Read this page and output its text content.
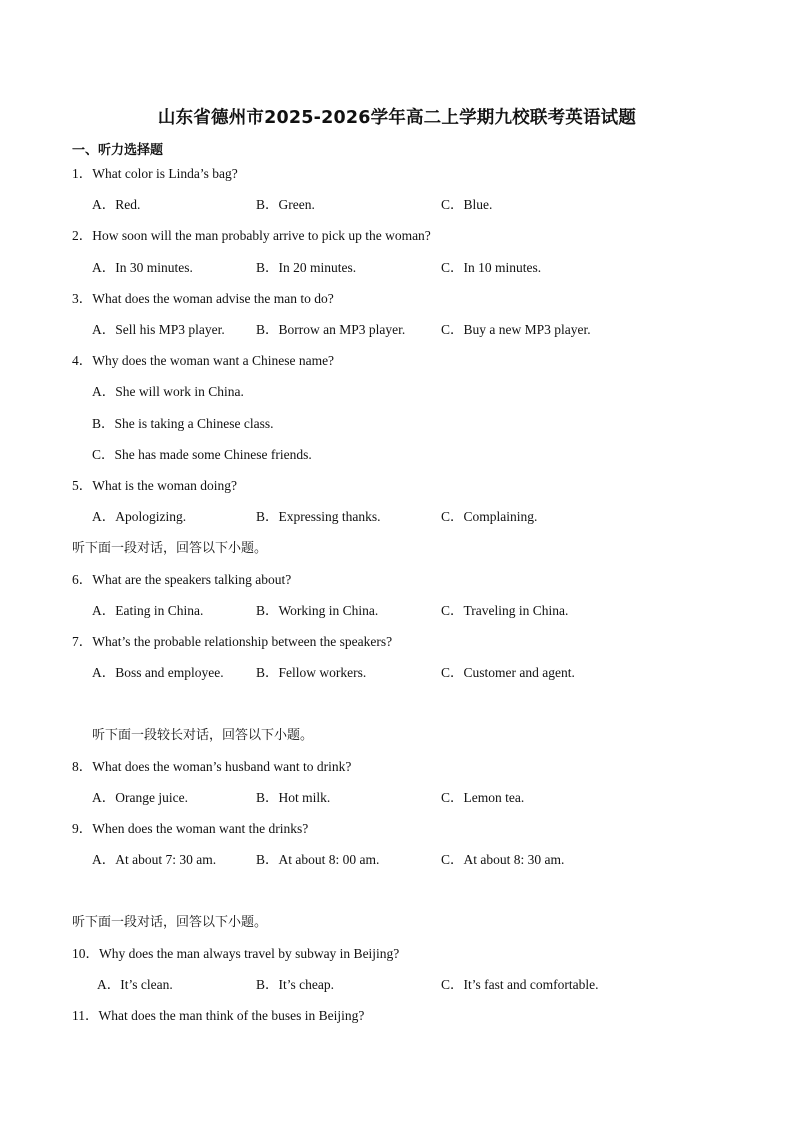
山东省德州市2025-2026学年高二上学期九校联考英语试题
一、听力选择题
1．What color is Linda’s bag?
A．Red.	B．Green.	C．Blue.
2．How soon will the man probably arrive to pick up the woman?
A．In 30 minutes.	B．In 20 minutes.	C．In 10 minutes.
3．What does the woman advise the man to do?
A．Sell his MP3 player. B．Borrow an MP3 player.	C．Buy a new MP3 player.
4．Why does the woman want a Chinese name?
A．She will work in China.
B．She is taking a Chinese class.
C．She has made some Chinese friends.
5．What is the woman doing?
A．Apologizing.	B．Expressing thanks.	C．Complaining.
听下面一段对话，回答以下小题。
6．What are the speakers talking about?
A．Eating in China.	B．Working in China.	C．Traveling in China.
7．What’s the probable relationship between the speakers?
A．Boss and employee. B．Fellow workers.	C．Customer and agent.
听下面一段较长对话，回答以下小题。
8．What does the woman’s husband want to drink?
A．Orange juice.	B．Hot milk.	C．Lemon tea.
9．When does the woman want the drinks?
A．At about 7: 30 am.	B．At about 8: 00 am.	C．At about 8: 30 am.
听下面一段对话，回答以下小题。
10．Why does the man always travel by subway in Beijing?
A．It’s clean.	B．It’s cheap.	C．It’s fast and comfortable.
11．What does the man think of the buses in Beijing?
